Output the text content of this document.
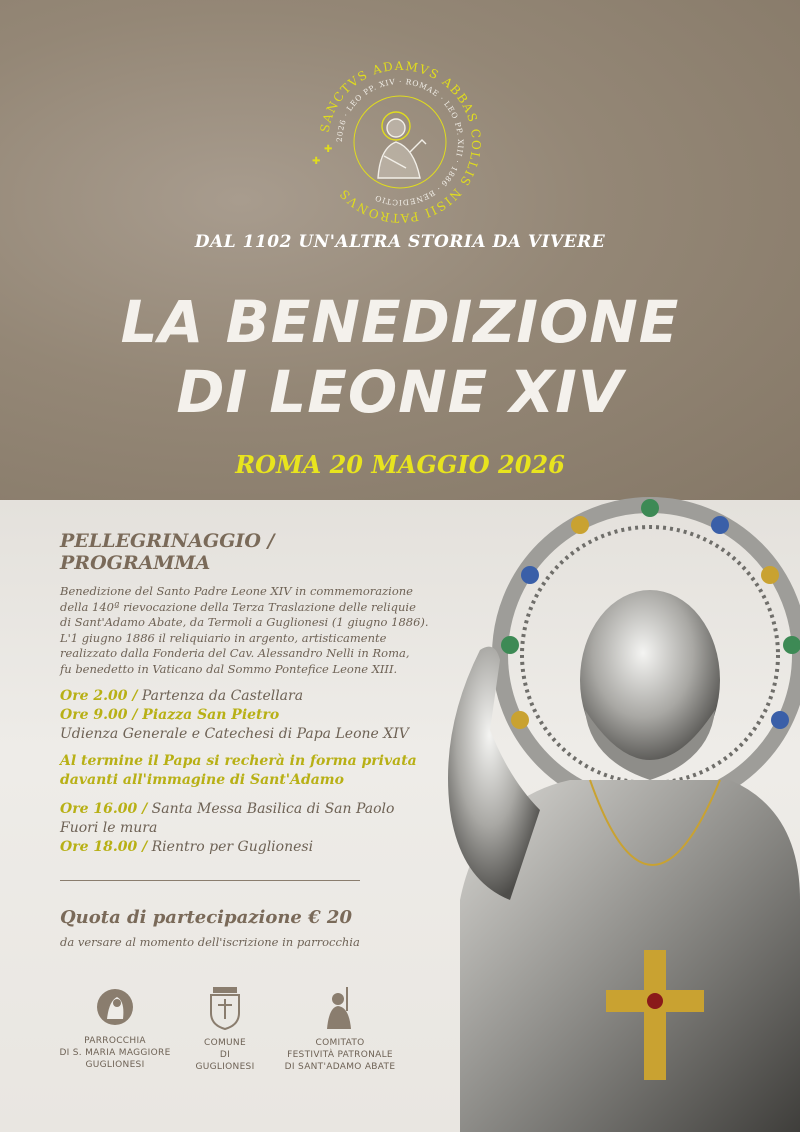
SANCTVS ADAMVS ABBAS COLLIS NISII PATRONVS
2026 · LEO PP. XIV · ROMAE · LEO PP. XIII · 1886 · BENEDICTIO
✚
✚
DAL 1102 UN'ALTRA STORIA DA VIVERE
LA BENEDIZIONE
DI LEONE XIV
ROMA 20 MAGGIO 2026
PELLEGRINAGGIO / PROGRAMMA
Benedizione del Santo Padre Leone XIV in commemorazione
della 140ª rievocazione della Terza Traslazione delle reliquie
di Sant'Adamo Abate, da Termoli a Guglionesi (1 giugno 1886).
L'1 giugno 1886 il reliquiario in argento, artisticamente
realizzato dalla Fonderia del Cav. Alessandro Nelli in Roma,
fu benedetto in Vaticano dal Sommo Pontefice Leone XIII.
Ore 2.00 / Partenza da Castellara
Ore 9.00 / Piazza San Pietro
Udienza Generale e Catechesi di Papa Leone XIV
Al termine il Papa si recherà in forma privata
davanti all'immagine di Sant'Adamo
Ore 16.00 / Santa Messa Basilica di San Paolo
Fuori le mura
Ore 18.00 / Rientro per Guglionesi
Quota di partecipazione € 20
da versare al momento dell'iscrizione in parrocchia
PARROCCHIA
DI S. MARIA MAGGIORE
GUGLIONESI
COMUNE
DI
GUGLIONESI
COMITATO
FESTIVITÀ PATRONALE
DI SANT'ADAMO ABATE
